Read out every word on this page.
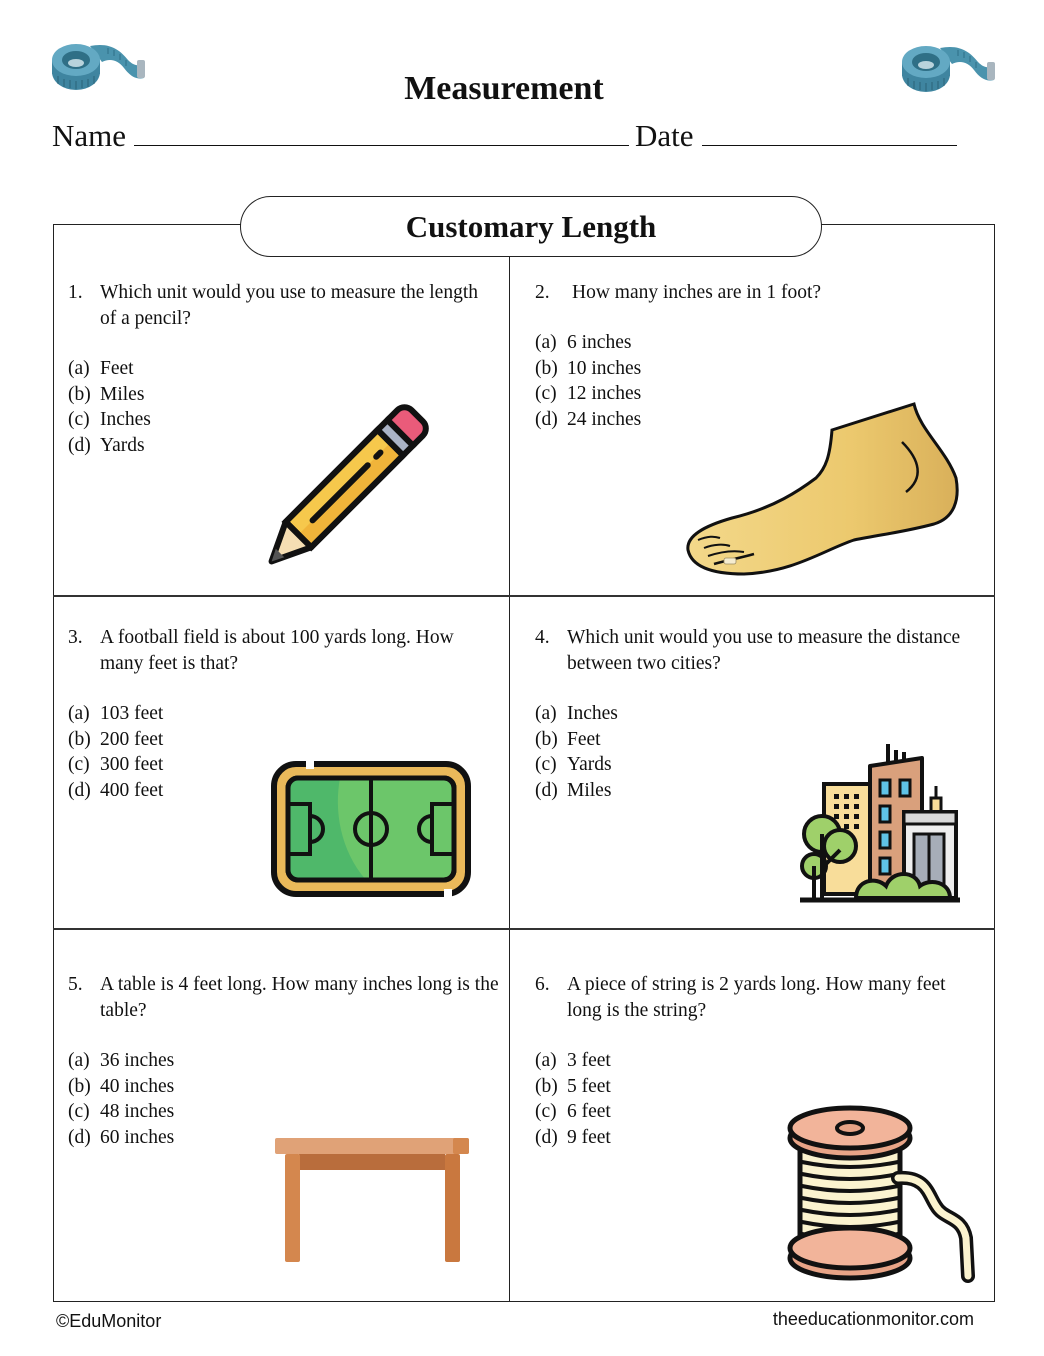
Measurement
Name	Date
Customary Length
1. Which unit would you use to measure the length of a pencil?
(a) Feet
(b) Miles
(c) Inches
(d) Yards
2.	How many inches are in 1 foot?
(a) 6 inches
(b) 10 inches
(c) 12 inches
(d) 24 inches
3. A football field is about 100 yards long. How many feet is that?
(a) 103 feet
(b) 200 feet
(c) 300 feet
(d) 400 feet
4. Which unit would you use to measure the distance between two cities?
(a) Inches
(b) Feet
(c) Yards
(d) Miles
5. A table is 4 feet long. How many inches long is the table?
(a) 36 inches
(b) 40 inches
(c) 48 inches
(d) 60 inches
6. A piece of string is 2 yards long. How many feet long is the string?
(a) 3 feet
(b) 5 feet
(c) 6 feet
(d) 9 feet
©EduMonitor	theeducationmonitor.com
